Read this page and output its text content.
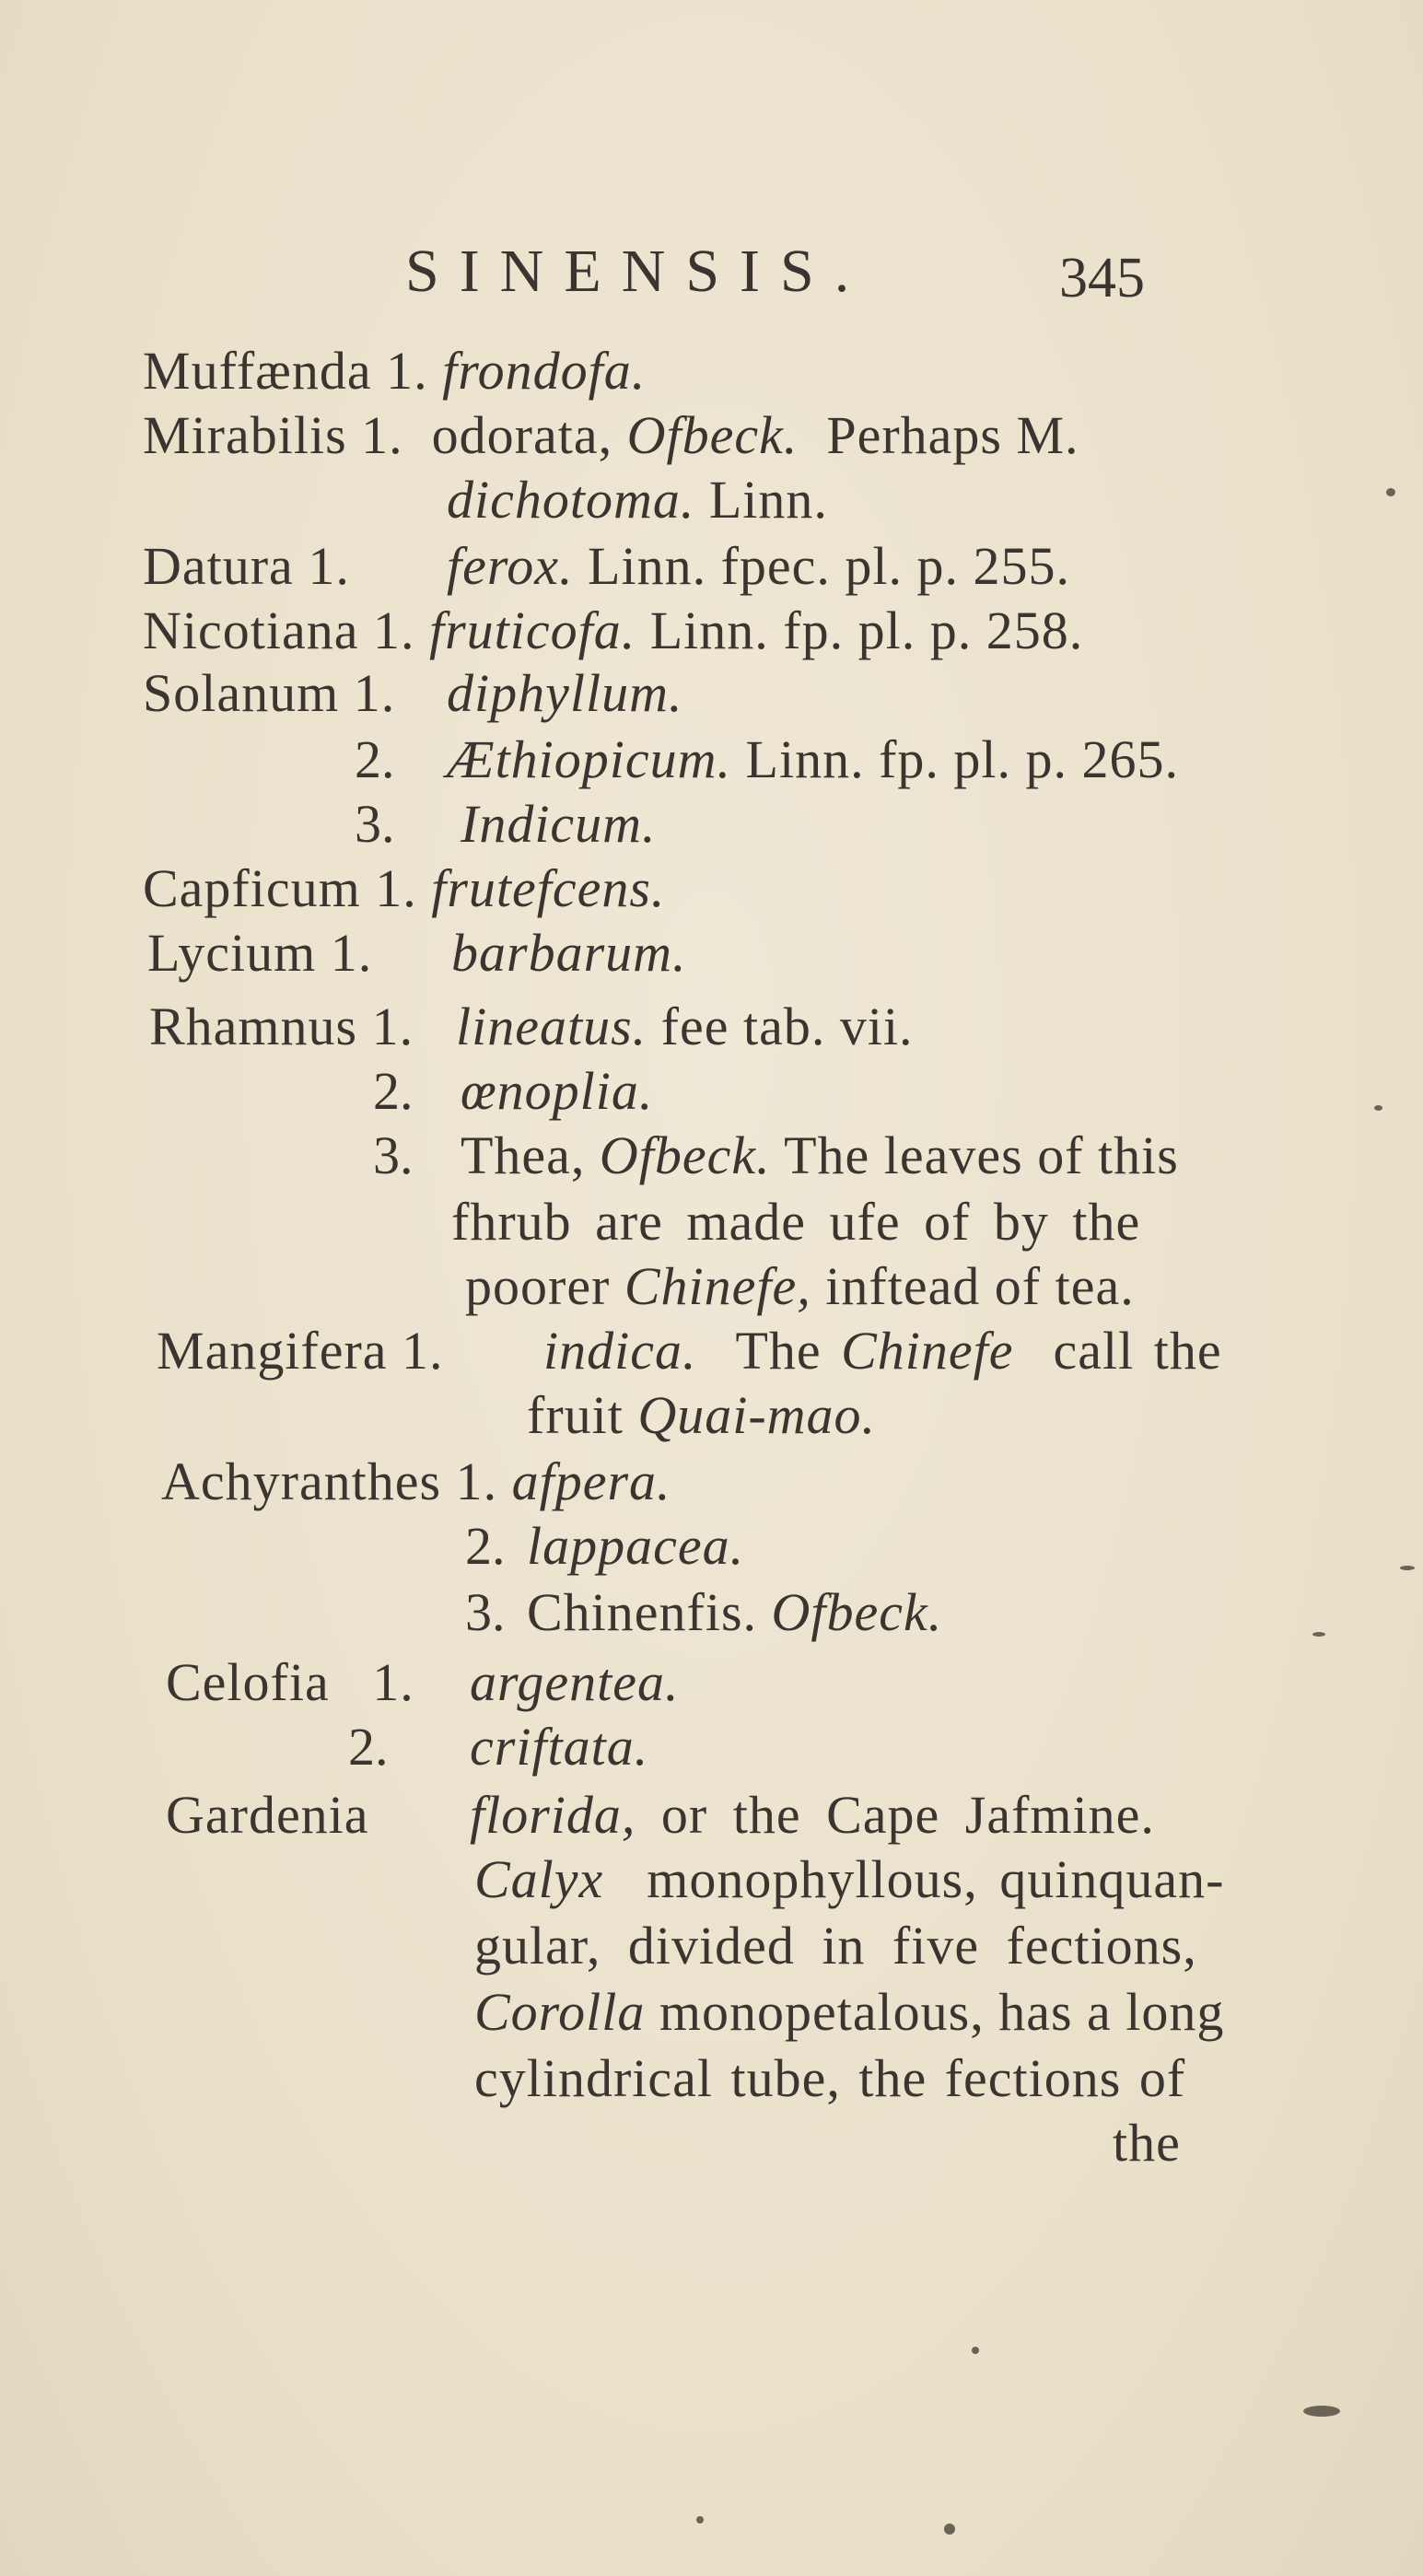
SINENSIS.	345
Muffænda 1. frondofa.
Mirabilis 1. odorata, Ofbeck. Perhaps M.
dichotoma. Linn.
Datura 1. ferox. Linn. fpec. pl. p. 255.
Nicotiana 1. fruticofa. Linn. fp. pl. p. 258.
Solanum 1. diphyllum.
2. Æthiopicum. Linn. fp. pl. p. 265.
3. Indicum.
Capficum 1. frutefcens.
Lycium 1. barbarum.
Rhamnus 1. lineatus. fee tab. vii.
2. œnoplia.
3. Thea, Ofbeck. The leaves of this
fhrub are made ufe of by the
poorer Chinefe, inftead of tea.
Mangifera 1. indica. The Chinefe call the
fruit Quai-mao.
Achyranthes 1. afpera.
2. lappacea.
3. Chinenfis. Ofbeck.
Celofia 1. argentea.
2. criftata.
Gardenia florida, or the Cape Jafmine.
Calyx monophyllous, quinquan-
gular, divided in five fections,
Corolla monopetalous, has a long
cylindrical tube, the fections of
the
